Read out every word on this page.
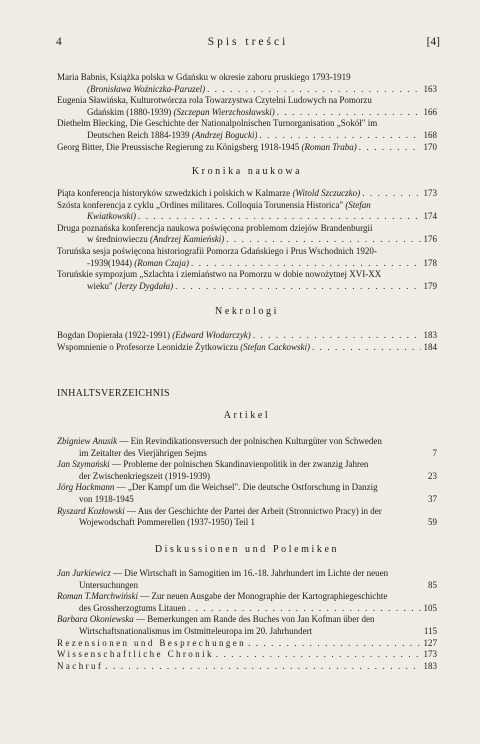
4	Spis treści	[4]
Maria Babnis, Książka polska w Gdańsku w okresie zaboru pruskiego 1793-1919
(Bronisława Woźniczka-Paruzel) . . .	163
Eugenia Sławińska, Kulturotwórcza rola Towarzystwa Czytelni Ludowych na Pomorzu
Gdańskim (1880-1939) (Szczepan Wierzchosławski) . . .	166
Diethelm Blecking, Die Geschichte der Nationalpolnischen Turnorganisation „Sokół" im
Deutschen Reich 1884-1939 (Andrzej Bogucki) . . .	168
Georg Bitter, Die Preussische Regierung zu Königsberg 1918-1945 (Roman Traba) . . .	170
Kronika naukowa
Piąta konferencja historyków szwedzkich i polskich w Kalmarze (Witold Szczuczko) . . .	173
Szósta konferencja z cyklu „Ordines militares. Colloquia Torunensia Historica" (Stefan
Kwiatkowski) . . .	174
Druga poznańska konferencja naukowa poświęcona problemom dziejów Brandenburgii
w średniowieczu (Andrzej Kamieński) . . .	176
Toruńska sesja poświęcona historiografii Pomorza Gdańskiego i Prus Wschodnich 1920-
-1939(1944) (Roman Czaja) . . .	178
Toruńskie sympozjum „Szlachta i ziemiaństwo na Pomorzu w dobie nowożytnej XVI-XX
wieku" (Jerzy Dygdała) . . .	179
Nekrologi
Bogdan Dopierała (1922-1991) (Edward Włodarczyk) . . .	183
Wspomnienie o Profesorze Leonidzie Żytkowiczu (Stefan Cackowski) . . .	184
INHALTSVERZEICHNIS
Artikel
Zbigniew Anusik — Ein Revindikationsversuch der polnischen Kulturgüter von Schweden
im Zeitalter des Vierjährigen Sejms	7
Jan Szymański — Probleme der polnischen Skandinavienpolitik in der zwanzig Jahren
der Zwischenkriegszeit (1919-1939)	23
Jörg Hackmann — „Der Kampf um die Weichsel". Die deutsche Ostforschung in Danzig
von 1918-1945	37
Ryszard Kozłowski — Aus der Geschichte der Partei der Arbeit (Stronnictwo Pracy) in der
Wojewodschaft Pommerellen (1937-1950) Teil 1	59
Diskussionen und Polemiken
Jan Jurkiewicz — Die Wirtschaft in Samogitien im 16.-18. Jahrhundert im Lichte der neuen
Untersuchungen	85
Roman T.Marchwiński — Zur neuen Ausgabe der Monographie der Kartographiegeschichte
des Grossherzogtums Litauen . . .	105
Barbara Okoniewska — Bemerkungen am Rande des Buches von Jan Kofman über den
Wirtschaftsnationalismus im Ostmitteleuropa im 20. Jahrhundert	115
Rezensionen und Besprechungen . . .	127
Wissenschaftliche Chronik . . .	173
Nachruf . . .	183
